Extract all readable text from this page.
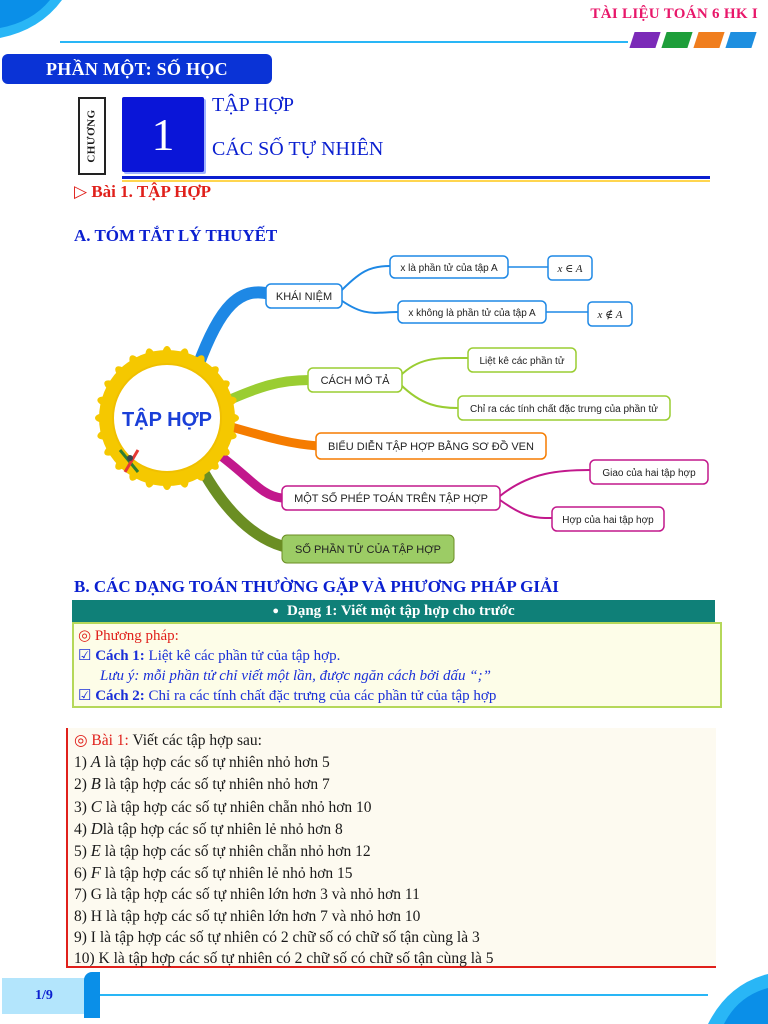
TÀI LIỆU TOÁN 6 HK I
PHẦN MỘT: SỐ HỌC
CHƯƠNG	1
TẬP HỢP
CÁC SỐ TỰ NHIÊN
▷ Bài 1. TẬP HỢP
A. TÓM TẮT LÝ THUYẾT
TẬP HỢP
KHÁI NIỆM
x là phần tử của tập A	x ∈ A
x không là phần tử của tập A	x ∉ A
CÁCH MÔ TẢ
Liệt kê các phần tử
Chỉ ra các tính chất đặc trưng của phần tử
BIỂU DIỄN TẬP HỢP BẰNG SƠ ĐỒ VEN
MỘT SỐ PHÉP TOÁN TRÊN TẬP HỢP
Giao của hai tập hợp
Hợp của hai tập hợp
SỐ PHẦN TỬ CỦA TẬP HỢP
B. CÁC DẠNG TOÁN THƯỜNG GẶP VÀ PHƯƠNG PHÁP GIẢI
● Dạng 1: Viết một tập hợp cho trước
◎ Phương pháp:
☑ Cách 1: Liệt kê các phần tử của tập hợp.
Lưu ý: mỗi phần tử chỉ viết một lần, được ngăn cách bởi dấu “;”
☑ Cách 2: Chỉ ra các tính chất đặc trưng của các phần tử của tập hợp
◎ Bài 1: Viết các tập hợp sau:
1) A là tập hợp các số tự nhiên nhỏ hơn 5
2) B là tập hợp các số tự nhiên nhỏ hơn 7
3) C là tập hợp các số tự nhiên chẵn nhỏ hơn 10
4) Dlà tập hợp các số tự nhiên lẻ nhỏ hơn 8
5) E là tập hợp các số tự nhiên chẵn nhỏ hơn 12
6) F là tập hợp các số tự nhiên lẻ nhỏ hơn 15
7) G là tập hợp các số tự nhiên lớn hơn 3 và nhỏ hơn 11
8) H là tập hợp các số tự nhiên lớn hơn 7 và nhỏ hơn 10
9) I là tập hợp các số tự nhiên có 2 chữ số có chữ số tận cùng là 3
10) K là tập hợp các số tự nhiên có 2 chữ số có chữ số tận cùng là 5
1/9
